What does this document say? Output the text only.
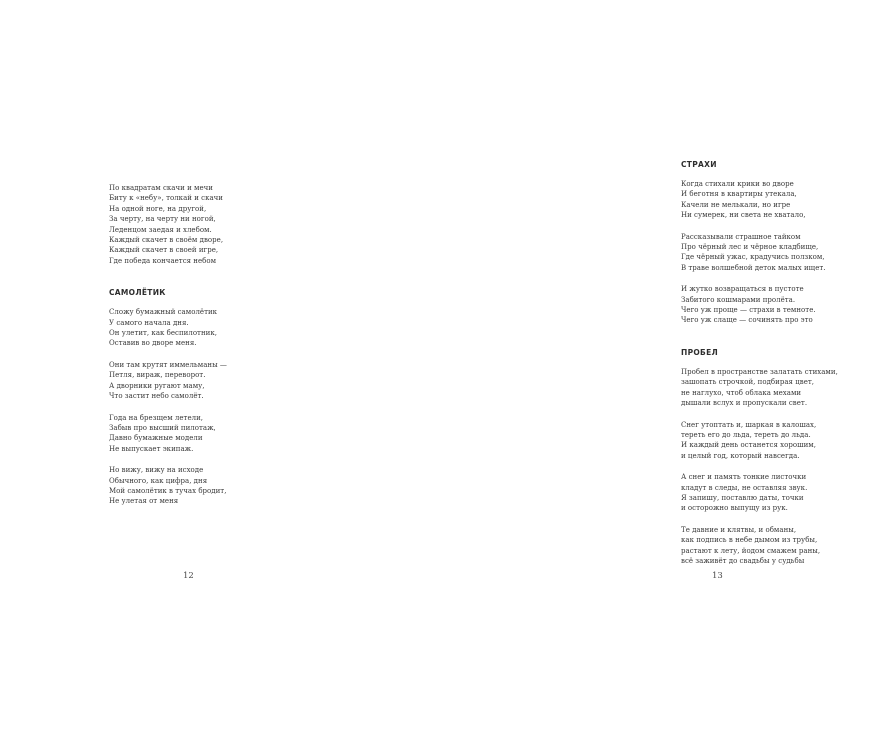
По квадратам скачи и мечи
Биту к «небу», толкай и скачи
На одной ноге, на другой,
За черту, на черту ни ногой,
Леденцом заедая и хлебом.
Каждый скачет в своём дворе,
Каждый скачет в своей игре,
Где победа кончается небом
САМОЛЁТИК
Сложу бумажный самолётик
У самого начала дня.
Он улетит, как беспилотник,
Оставив во дворе меня.
Они там крутят иммельманы —
Петля, вираж, переворот.
А дворники ругают маму,
Что застит небо самолёт.
Года на брезщем летели,
Забыв про высший пилотаж,
Давно бумажные модели
Не выпускает экипаж.
Но вижу, вижу на исходе
Обычного, как цифра, дня
Мой самолётик в тучах бродит,
Не улетая от меня
12
СТРАХИ
Когда стихали крики во дворе
И беготня в квартиры утекала,
Качели не мелькали, но игре
Ни сумерек, ни света не хватало,
Рассказывали страшное тайком
Про чёрный лес и чёрное кладбище,
Где чёрный ужас, крадучись ползком,
В траве волшебной деток малых ищет.
И жутко возвращаться в пустоте
Забитого кошмарами пролёта.
Чего уж проще — страхи в темноте.
Чего уж слаще — сочинять про это
ПРОБЕЛ
Пробел в пространстве залатать стихами,
зашопать строчкой, подбирая цвет,
не наглухо, чтоб облака мехами
дышали вслух и пропускали свет.
Снег утоптать и, шаркая в калошах,
тереть его до льда, тереть до льда.
И каждый день останется хорошим,
и целый год, который навсегда.
А снег и память тонкие листочки
кладут в следы, не оставляя звук.
Я запишу, поставлю даты, точки
и осторожно выпущу из рук.
Те давние и клятвы, и обманы,
как подпись в небе дымом из трубы,
растают к лету, йодом смажем раны,
всё заживёт до свадьбы у судьбы
13
